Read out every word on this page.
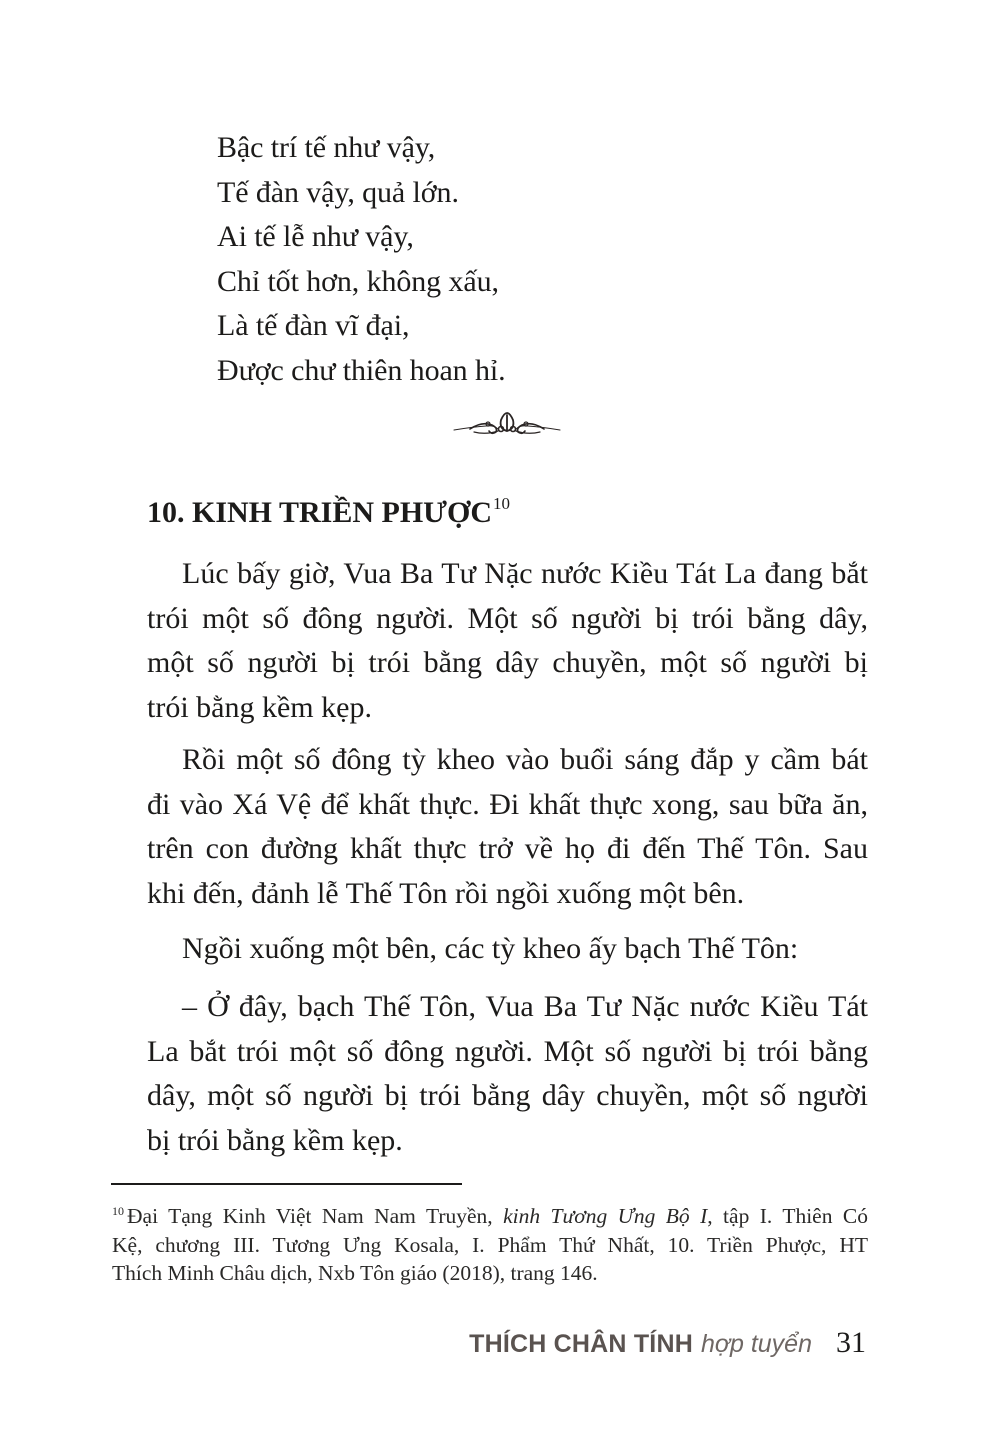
Bậc trí tế như vậy,
Tế đàn vậy, quả lớn.
Ai tế lễ như vậy,
Chỉ tốt hơn, không xấu,
Là tế đàn vĩ đại,
Được chư thiên hoan hỉ.
10. KINH TRIỀN PHƯỢC$^{10}$
Lúc bấy giờ, Vua Ba Tư Nặc nước Kiều Tát La đang bắt
trói một số đông người. Một số người bị trói bằng dây,
một số người bị trói bằng dây chuyền, một số người bị
trói bằng kềm kẹp.
Rồi một số đông tỳ kheo vào buổi sáng đắp y cầm bát
đi vào Xá Vệ để khất thực. Đi khất thực xong, sau bữa ăn,
trên con đường khất thực trở về họ đi đến Thế Tôn. Sau
khi đến, đảnh lễ Thế Tôn rồi ngồi xuống một bên.
Ngồi xuống một bên, các tỳ kheo ấy bạch Thế Tôn:
– Ở đây, bạch Thế Tôn, Vua Ba Tư Nặc nước Kiều Tát
La bắt trói một số đông người. Một số người bị trói bằng
dây, một số người bị trói bằng dây chuyền, một số người
bị trói bằng kềm kẹp.
$^{10}$ Đại Tạng Kinh Việt Nam Nam Truyền, kinh Tương Ưng Bộ I, tập I. Thiên Có
Kệ, chương III. Tương Ưng Kosala, I. Phẩm Thứ Nhất, 10. Triền Phược, HT
Thích Minh Châu dịch, Nxb Tôn giáo (2018), trang 146.
THÍCH CHÂN TÍNH hợp tuyển 31
